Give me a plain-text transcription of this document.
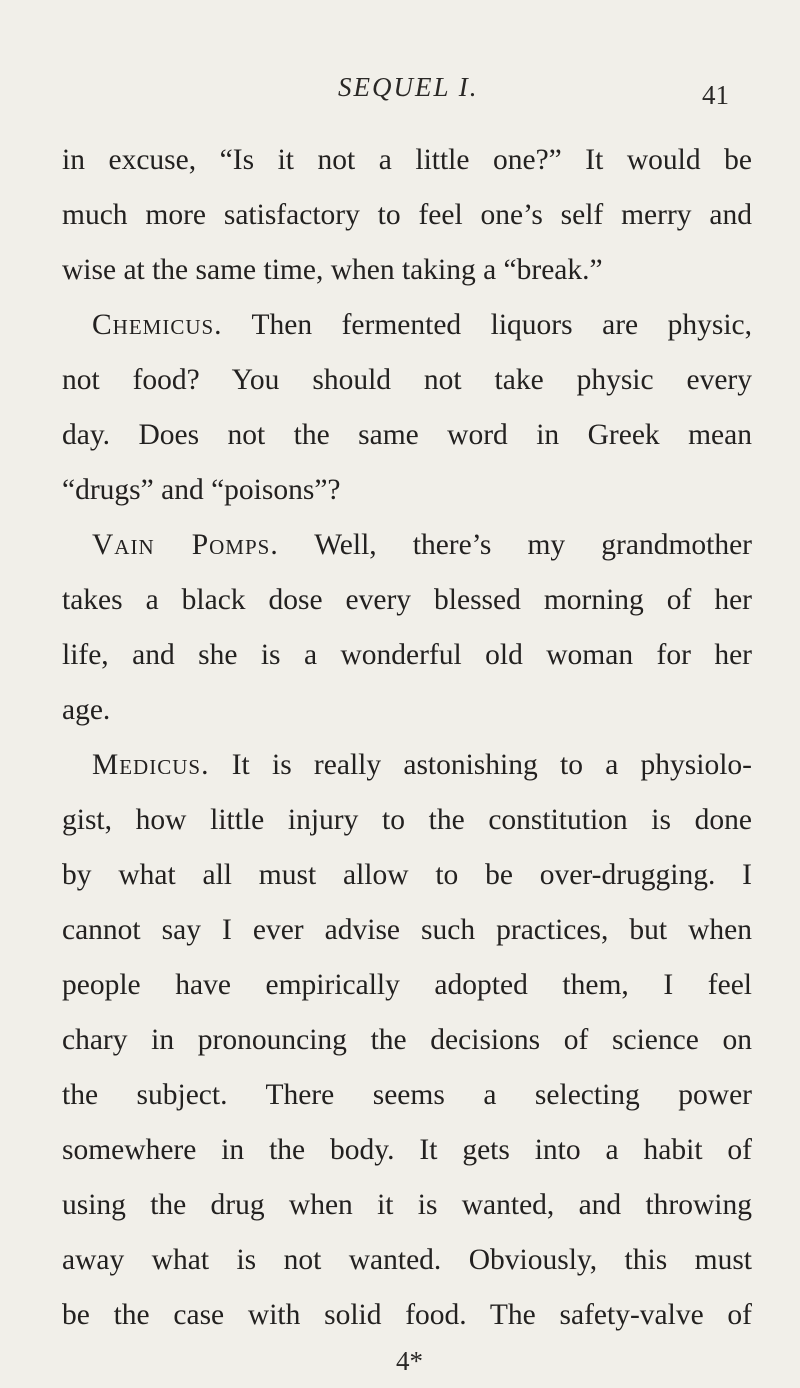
SEQUEL I.	41
in excuse, “Is it not a little one?” It would be
much more satisfactory to feel one’s self merry and
wise at the same time, when taking a “break.”
Chemicus. Then fermented liquors are physic,
not food? You should not take physic every
day. Does not the same word in Greek mean
“drugs” and “poisons”?
Vain Pomps. Well, there’s my grandmother
takes a black dose every blessed morning of her
life, and she is a wonderful old woman for her
age.
Medicus. It is really astonishing to a physiolo-
gist, how little injury to the constitution is done
by what all must allow to be over-drugging. I
cannot say I ever advise such practices, but when
people have empirically adopted them, I feel
chary in pronouncing the decisions of science on
the subject. There seems a selecting power
somewhere in the body. It gets into a habit of
using the drug when it is wanted, and throwing
away what is not wanted. Obviously, this must
be the case with solid food. The safety-valve of
4*
